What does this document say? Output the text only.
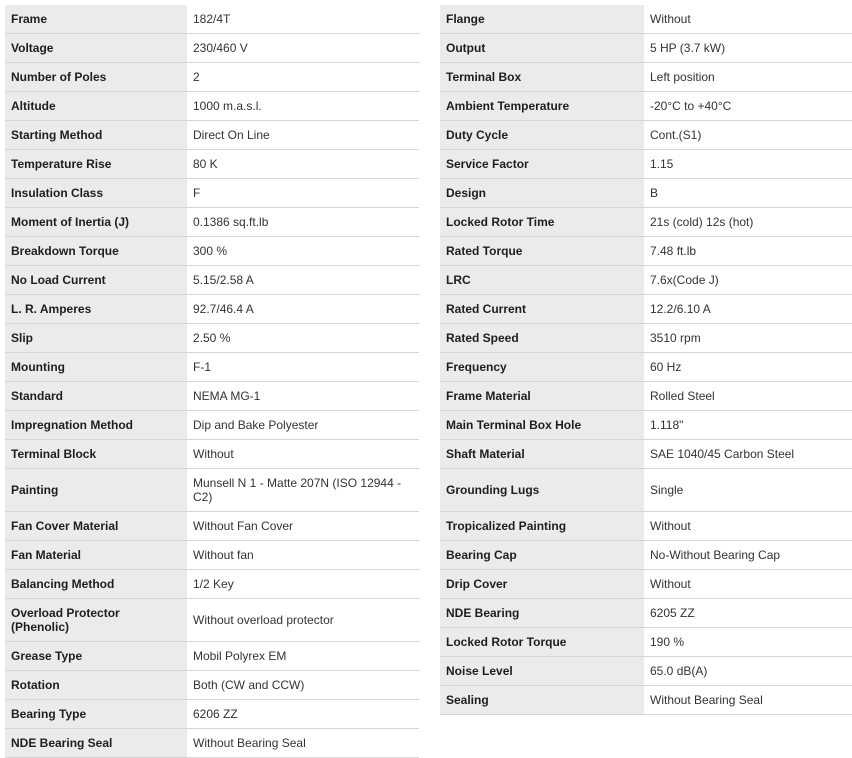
Frame	182/4T
Voltage	230/460 V
Number of Poles	2
Altitude	1000 m.a.s.l.
Starting Method	Direct On Line
Temperature Rise	80 K
Insulation Class	F
Moment of Inertia (J)	0.1386 sq.ft.lb
Breakdown Torque	300 %
No Load Current	5.15/2.58 A
L. R. Amperes	92.7/46.4 A
Slip	2.50 %
Mounting	F-1
Standard	NEMA MG-1
Impregnation Method	Dip and Bake Polyester
Terminal Block	Without
Painting	Munsell N 1 - Matte 207N (ISO 12944 - C2)
Fan Cover Material	Without Fan Cover
Fan Material	Without fan
Balancing Method	1/2 Key
Overload Protector (Phenolic)	Without overload protector
Grease Type	Mobil Polyrex EM
Rotation	Both (CW and CCW)
Bearing Type	6206 ZZ
NDE Bearing Seal	Without Bearing Seal
Flange	Without
Output	5 HP (3.7 kW)
Terminal Box	Left position
Ambient Temperature	-20°C to +40°C
Duty Cycle	Cont.(S1)
Service Factor	1.15
Design	B
Locked Rotor Time	21s (cold) 12s (hot)
Rated Torque	7.48 ft.lb
LRC	7.6x(Code J)
Rated Current	12.2/6.10 A
Rated Speed	3510 rpm
Frequency	60 Hz
Frame Material	Rolled Steel
Main Terminal Box Hole	1.118"
Shaft Material	SAE 1040/45 Carbon Steel
Grounding Lugs	Single
Tropicalized Painting	Without
Bearing Cap	No-Without Bearing Cap
Drip Cover	Without
NDE Bearing	6205 ZZ
Locked Rotor Torque	190 %
Noise Level	65.0 dB(A)
Sealing	Without Bearing Seal
